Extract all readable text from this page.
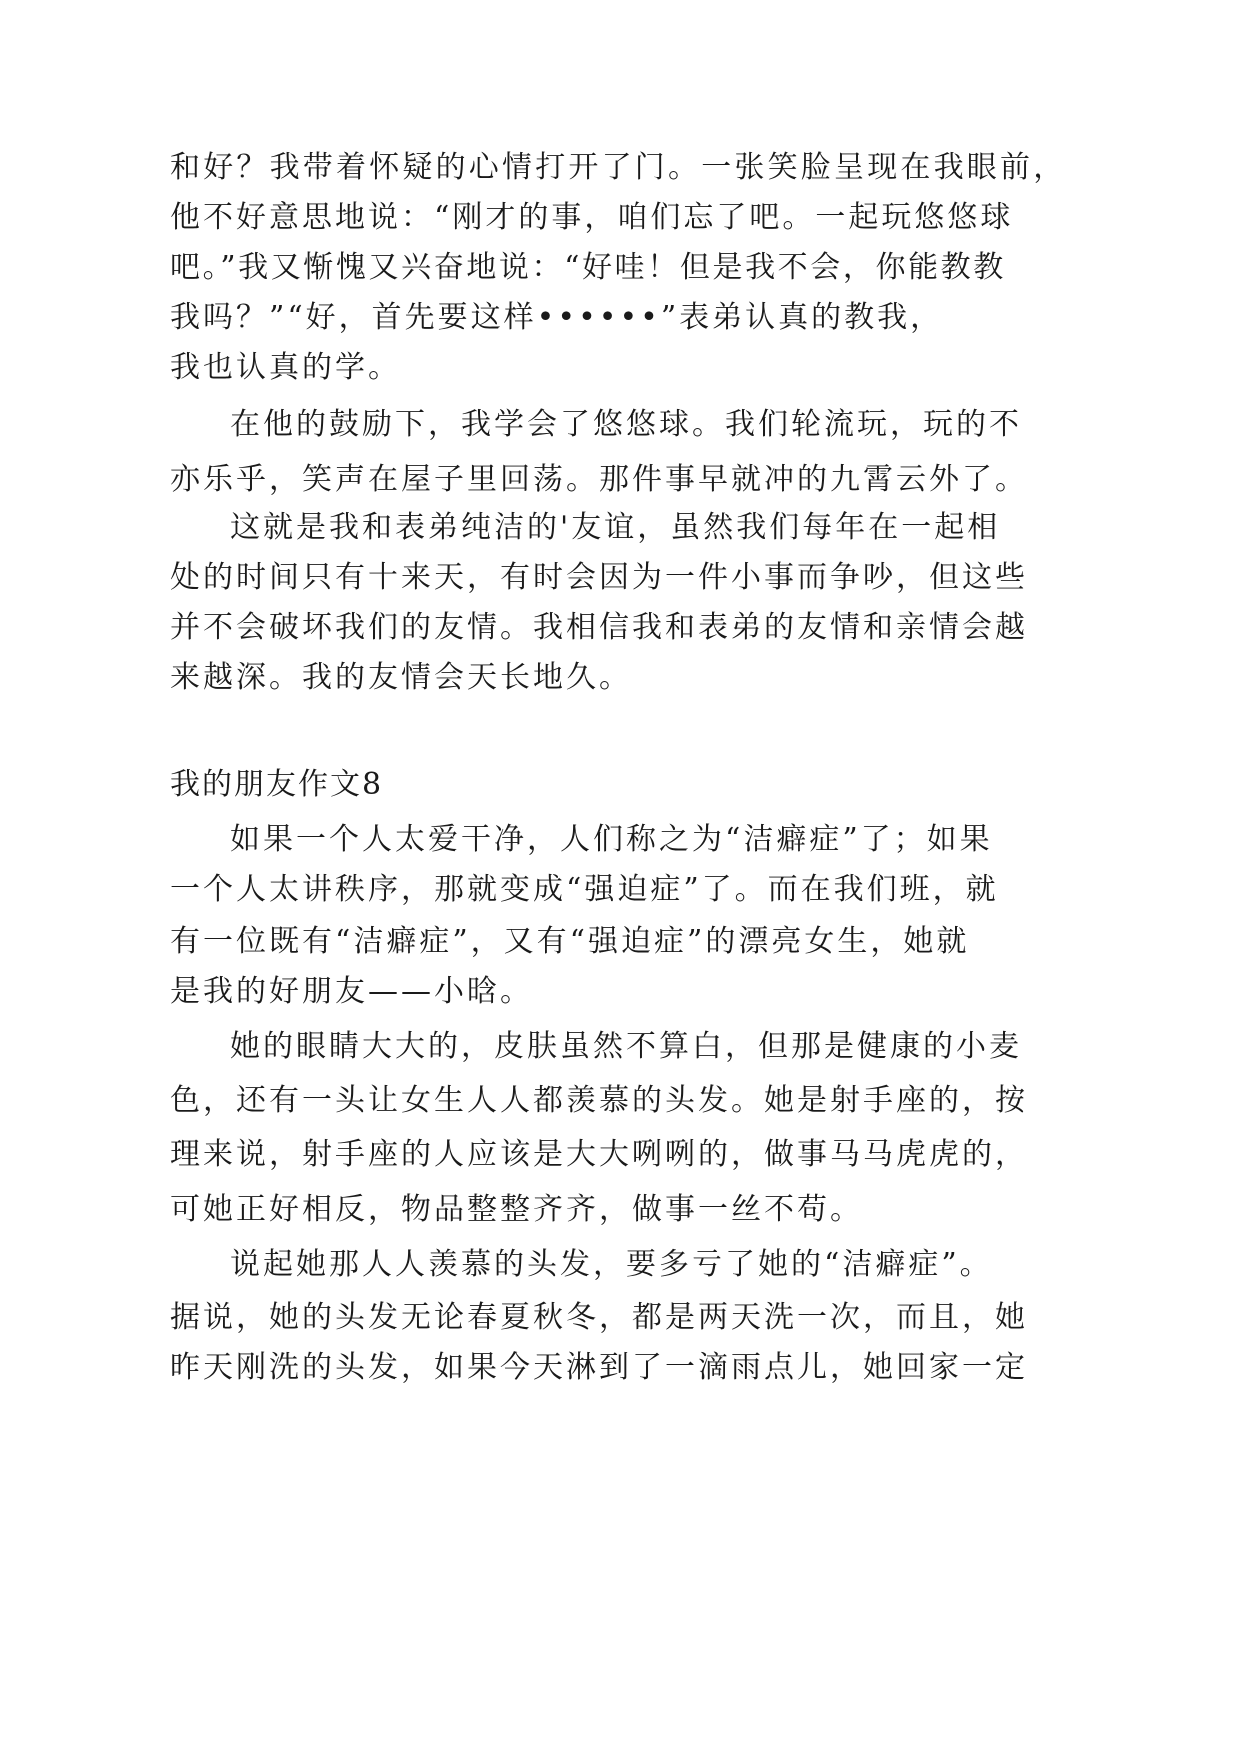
和好？我带着怀疑的心情打开了门。一张笑脸呈现在我眼前，
他不好意思地说：“刚才的事，咱们忘了吧。一起玩悠悠球
吧。”我又惭愧又兴奋地说：“好哇！但是我不会，你能教教
我吗？”“好，首先要这样••••••”表弟认真的教我，
我也认真的学。
在他的鼓励下，我学会了悠悠球。我们轮流玩，玩的不
亦乐乎，笑声在屋子里回荡。那件事早就冲的九霄云外了。
这就是我和表弟纯洁的'友谊，虽然我们每年在一起相
处的时间只有十来天，有时会因为一件小事而争吵，但这些
并不会破坏我们的友情。我相信我和表弟的友情和亲情会越
来越深。我的友情会天长地久。
我的朋友作文8
如果一个人太爱干净，人们称之为“洁癖症”了；如果
一个人太讲秩序，那就变成“强迫症”了。而在我们班，就
有一位既有“洁癖症”，又有“强迫症”的漂亮女生，她就
是我的好朋友——小晗。
她的眼睛大大的，皮肤虽然不算白，但那是健康的小麦
色，还有一头让女生人人都羡慕的头发。她是射手座的，按
理来说，射手座的人应该是大大咧咧的，做事马马虎虎的，
可她正好相反，物品整整齐齐，做事一丝不苟。
说起她那人人羡慕的头发，要多亏了她的“洁癖症”。
据说，她的头发无论春夏秋冬，都是两天洗一次，而且，她
昨天刚洗的头发，如果今天淋到了一滴雨点儿，她回家一定
